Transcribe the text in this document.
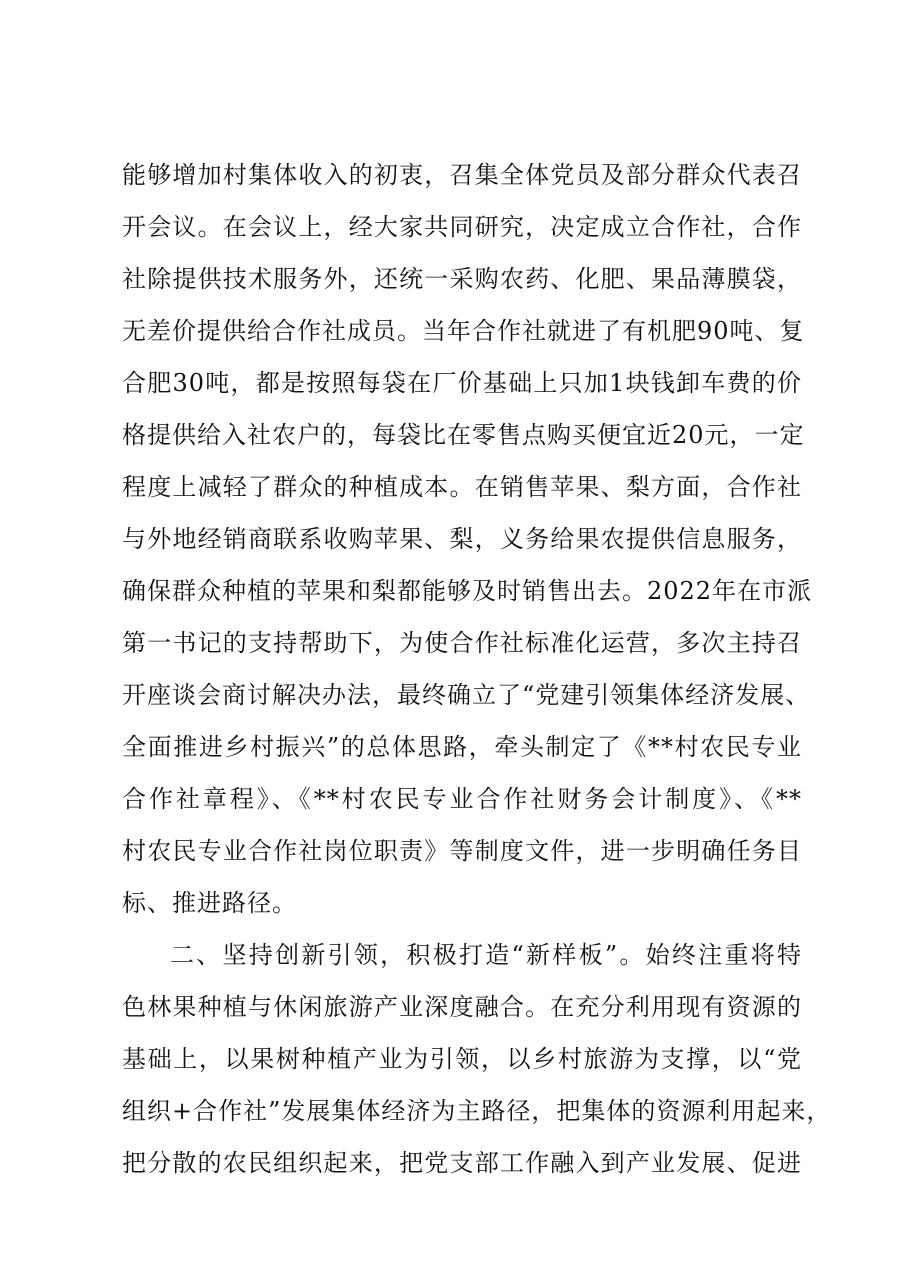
能够增加村集体收入的初衷，召集全体党员及部分群众代表召
开会议。在会议上，经大家共同研究，决定成立合作社，合作
社除提供技术服务外，还统一采购农药、化肥、果品薄膜袋，
无差价提供给合作社成员。当年合作社就进了有机肥90吨、复
合肥30吨，都是按照每袋在厂价基础上只加1块钱卸车费的价
格提供给入社农户的，每袋比在零售点购买便宜近20元，一定
程度上减轻了群众的种植成本。在销售苹果、梨方面，合作社
与外地经销商联系收购苹果、梨，义务给果农提供信息服务，
确保群众种植的苹果和梨都能够及时销售出去。2022年在市派
第一书记的支持帮助下，为使合作社标准化运营，多次主持召
开座谈会商讨解决办法，最终确立了“党建引领集体经济发展、
全面推进乡村振兴”的总体思路，牵头制定了《**村农民专业
合作社章程》、《**村农民专业合作社财务会计制度》、《**
村农民专业合作社岗位职责》等制度文件，进一步明确任务目
标、推进路径。
二、坚持创新引领，积极打造“新样板”。始终注重将特
色林果种植与休闲旅游产业深度融合。在充分利用现有资源的
基础上，以果树种植产业为引领，以乡村旅游为支撑，以“党
组织+合作社”发展集体经济为主路径，把集体的资源利用起来，
把分散的农民组织起来，把党支部工作融入到产业发展、促进
